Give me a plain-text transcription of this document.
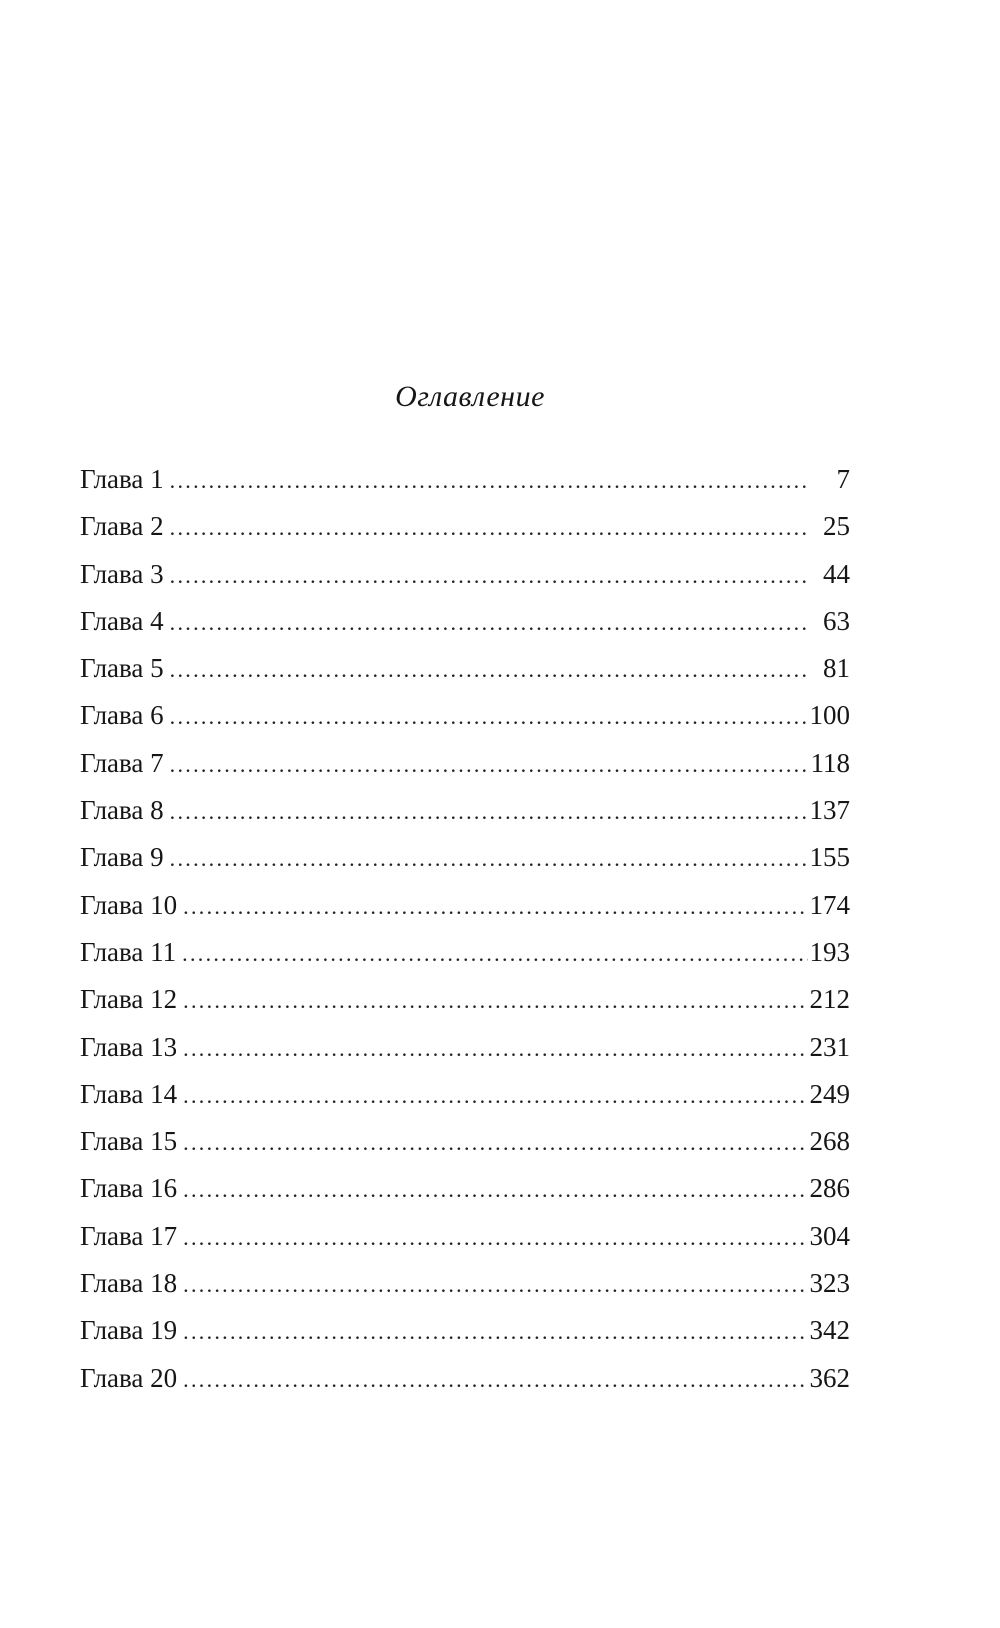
Оглавление
Глава 1 . . .	7
Глава 2 . . .	25
Глава 3 . . .	44
Глава 4 . . .	63
Глава 5 . . .	81
Глава 6 . . .	100
Глава 7 . . .	118
Глава 8 . . .	137
Глава 9 . . .	155
Глава 10 . . .	174
Глава 11 . . .	193
Глава 12 . . .	212
Глава 13 . . .	231
Глава 14 . . .	249
Глава 15 . . .	268
Глава 16 . . .	286
Глава 17 . . .	304
Глава 18 . . .	323
Глава 19 . . .	342
Глава 20 . . .	362
